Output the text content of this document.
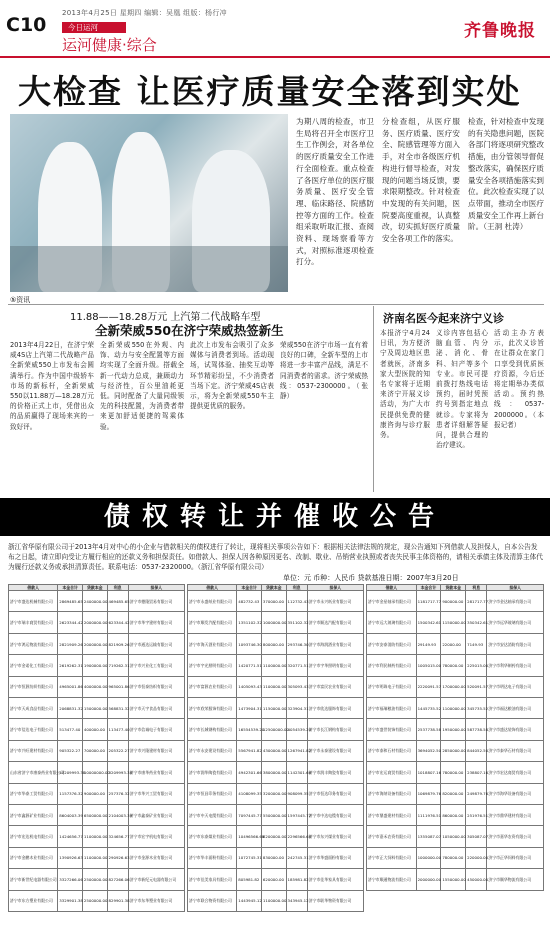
C10
2013年4月25日 星期四 编辑：吴凰 组版：杨行冲
今日运河
运河健康·综合
齐鲁晚报
大检查 让医疗质量安全落到实处
⑤资讯
为期八周的检查，市卫生局将召开全市医疗卫生工作例会，对各单位的医疗质量安全工作进行全面检查。重点检查了各医疗单位的医疗服务质量、医疗安全管理、临床路径、院感防控等方面的工作。检查组采取听取汇报、查阅资料、现场察看等方式，对照标准逐项检查打分。
分检查组，从医疗服务、医疗质量、医疗安全、院感管理等方面入手，对全市各级医疗机构进行督导检查，对发现的问题当场反馈，要求限期整改。针对检查中发现的有关问题，医院要高度重视，认真整改，切实抓好医疗质量安全各项工作的落实。
检查，针对检查中发现的有关隐患问题，医院各部门将逐项研究整改措施，由分管领导督促整改落实，确保医疗质量安全各项措施落实到位。此次检查实现了以点带面，推动全市医疗质量安全工作再上新台阶。（王洞 杜涛）
11.88——18.28万元 上汽第二代战略车型
全新荣威550在济宁荣威热签新生
2013年4月22日，在济宁荣威4S店上汽第二代战略产品全新荣威550上市发布会圆满举行。作为中国中级轿车市场的新标杆，全新荣威550以11.88万—18.28万元的价格正式上市，凭借出众的品质赢得了现场来宾的一致好评。
全新荣威550在外观、内饰、动力与安全配置等方面均实现了全面升级。搭载全新一代动力总成，兼顾动力与经济性，百公里油耗更低。同时配备了大量同级领先的科技配置，为消费者带来更加舒适便捷的驾乘体验。
此次上市发布会吸引了众多媒体与消费者到场。活动现场，试驾体验、抽奖互动等环节精彩纷呈，不少消费者当场下定。济宁荣威4S店表示，将为全新荣威550车主提供更优质的服务。
荣威550在济宁市场一直有着良好的口碑，全新车型的上市将进一步丰富产品线，满足不同消费者的需求。济宁荣威热线：0537-2300000。（张静）
济南名医今起来济宁义诊
本报济宁4月24日讯，为方便济宁及周边地区患者就医，济南多家大型医院的知名专家将于近期来济宁开展义诊活动，为广大市民提供免费的健康咨询与诊疗服务。
义诊内容包括心脑血管、内分泌、消化、骨科、妇产等多个专业。市民可提前拨打热线电话预约，届时凭预约号到指定地点就诊。专家将为患者详细解答疑问，提供合理的治疗建议。
活动主办方表示，此次义诊旨在让群众在家门口享受到优质医疗资源，今后还将定期举办类似活动。预约热线：0537-2000000。（本报记者）
债权转让并催收公告
浙江省华原有限公司于2013年4月对中心的小企业与借款相关的债权进行了转让，现将相关事项公告如下：根据相关法律法规的规定，现公告通知下列借款人及担保人，自本公告发布之日起，请立即向受让方履行相应的还款义务和担保责任。如借款人、担保人因各种原因更名、改制、歇业、吊销营业执照或者丧失民事主体资格的，请相关承债主体及清算主体代为履行还款义务或承担清算责任。联系电话：0537-2320000。（浙江省华原有限公司）
单位：元 币种：人民币 贷款基准日期：2007年3月20日
借款人	本金合计	贷款本金	利息	担保人
济宁市盛达机械有限公司	2869485.65	2400000.00	469485.65	济宁市德隆贸易有限公司
济宁市瑞丰商贸有限公司	2623344.42	2000000.00	623344.42	济宁市华宇建材有限公司
济宁市鸿运物流有限公司	2821909.26	2000000.00	821909.26	济宁市通达运输有限公司
济宁市金诺化工有限公司	2619262.31	1900000.00	719262.31	济宁市兴业化工有限公司
济宁市恒源纺织有限公司	4965001.86	4000000.00	965001.86	济宁市恒泰纺织有限公司
济宁市天成食品有限公司	2068831.32	1500000.00	568831.32	济宁市天宇食品有限公司
济宁市信达电子有限公司	513477.40	400000.00	113477.40	济宁市信诚电子有限公司
济宁市兴旺建材有限公司	905322.27	700000.00	205322.27	济宁市兴隆建材有限公司
山东省济宁市康泰药业有限公司	13209993.38	10000000.00	3209993.38	济宁市康华药业有限公司
济宁市华泰工贸有限公司	1157376.32	900000.00	257376.32	济宁市华兴工贸有限公司
济宁市鑫源矿业有限公司	8604003.39	6500000.00	2104003.39	济宁市鑫泰矿业有限公司
济宁市宏达机电有限公司	1424656.77	1100000.00	324656.77	济宁市宏宇机电有限公司
济宁市金鹏木业有限公司	1390926.63	1100000.00	290926.63	济宁市金源木业有限公司
济宁市新世纪电器有限公司	3327266.06	2500000.00	827266.06	济宁市新纪元电器有限公司
济宁市东方塑业有限公司	3329901.38	2500000.00	829901.38	济宁市东华塑业有限公司
借款人	本金合计	贷款本金	利息	担保人
济宁市永盛纸业有限公司	482732.43	370000.00	112732.43	济宁市永兴纸业有限公司
济宁市顺发汽配有限公司	1351102.32	1000000.00	351102.32	济宁市顺达汽配有限公司
济宁市海天酒业有限公司	1093746.30	800000.00	293746.30	济宁市海润酒业有限公司
济宁市宇光照明有限公司	1420771.51	1100000.00	320771.51	济宁市宇华照明有限公司
济宁市富源农业有限公司	1405093.43	1100000.00	305093.43	济宁市富民农业有限公司
济宁市欣荣服饰有限公司	1473904.31	1150000.00	323904.31	济宁市欣达服饰有限公司
济宁市长城钢构有限公司	16554539.20	12500000.00	4054539.20	济宁市长江钢构有限公司
济宁市永安建设有限公司	5567941.82	4300000.00	1267941.82	济宁市永泰建设有限公司
济宁市润华陶瓷有限公司	4942301.66	3800000.00	1142301.66	济宁市润丰陶瓷有限公司
济宁市恒昌印务有限公司	4108099.35	3200000.00	908099.35	济宁市恒达印务有限公司
济宁市中天电缆有限公司	7097445.77	5500000.00	1597445.77	济宁市中达电缆有限公司
济宁市东泰煤业有限公司	10496566.68	8200000.00	2296566.68	济宁市东兴煤业有限公司
济宁市华丰面粉有限公司	1072745.31	830000.00	242745.31	济宁市华盛面粉有限公司
济宁市佳美家具有限公司	805981.82	620000.00	185981.82	济宁市佳华家具有限公司
济宁市联合物资有限公司	1443945.12	1100000.00	343945.12	济宁市联华物资有限公司
借款人	本金合计	贷款本金	利息	担保人
济宁市金星轴承有限公司	1181717.77	900000.00	281717.77	济宁市金达轴承有限公司
济宁市远大玻璃有限公司	1500342.61	1150000.00	350342.61	济宁市远华玻璃有限公司
济宁市安泰消防有限公司	29149.93	22000.00	7149.93	济宁市安达消防有限公司
济宁市利民制药有限公司	1005015.00	780000.00	225015.00	济宁市利华制药有限公司
济宁市明珠电子有限公司	2220091.57	1700000.00	520091.57	济宁市明达电子有限公司
济宁市福瑞粮油有限公司	1445735.52	1100000.00	345735.52	济宁市福达粮油有限公司
济宁市盛世装饰有限公司	2537738.58	1950000.00	587738.58	济宁市盛达装饰有限公司
济宁市泰和石材有限公司	3694052.50	2850000.00	844052.50	济宁市泰华石材有限公司
济宁市宏运商贸有限公司	1018807.16	780000.00	238807.16	济宁市宏达商贸有限公司
济宁市海纳设备有限公司	1069879.76	820000.00	249879.76	济宁市海华设备有限公司
济宁市鼎盛建材有限公司	1111976.51	860000.00	251976.51	济宁市鼎华建材有限公司
济宁市嘉禾农资有限公司	1355087.07	1050000.00	305087.07	济宁市嘉华农资有限公司
济宁市正大饲料有限公司	1000000.00	780000.00	220000.00	济宁市正华饲料有限公司
济宁市顺通物流有限公司	2000000.00	1550000.00	450000.00	济宁市顺华物流有限公司
